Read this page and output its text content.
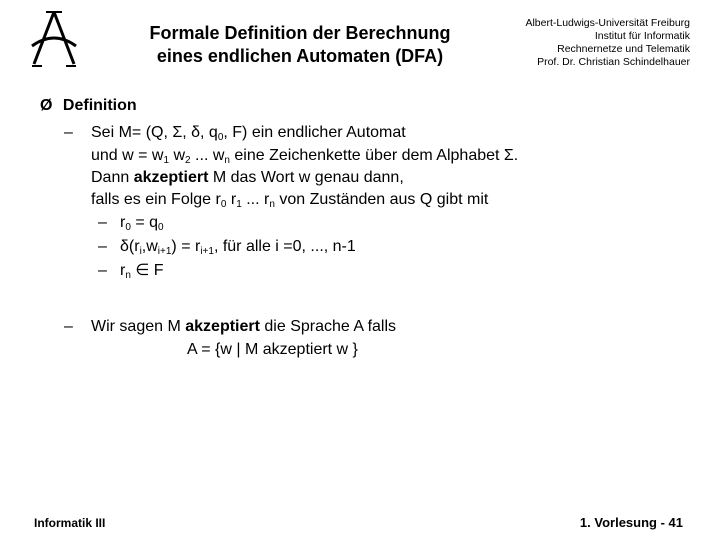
Formale Definition der Berechnung
eines endlichen Automaten (DFA)
Albert-Ludwigs-Universität Freiburg
Institut für Informatik
Rechnernetze und Telematik
Prof. Dr. Christian Schindelhauer
Ø Definition
– Sei M= (Q, Σ, δ, $q_0$, F) ein endlicher Automat
und $w = w_1$ $w_2$ ... $w_n$ eine Zeichenkette über dem Alphabet Σ.
Dann akzeptiert M das Wort w genau dann,
falls es ein Folge $r_0$ $r_1$ ... $r_n$ von Zuständen aus Q gibt mit
– $r_0 = q_0$
– $\delta(r_i,w_{i+1}) = r_{i+1}$, für alle i =0, ..., n-1
– $r_n$ ∈ F
– Wir sagen M akzeptiert die Sprache A falls
A = {w | M akzeptiert w }
Informatik III	1. Vorlesung - 41
